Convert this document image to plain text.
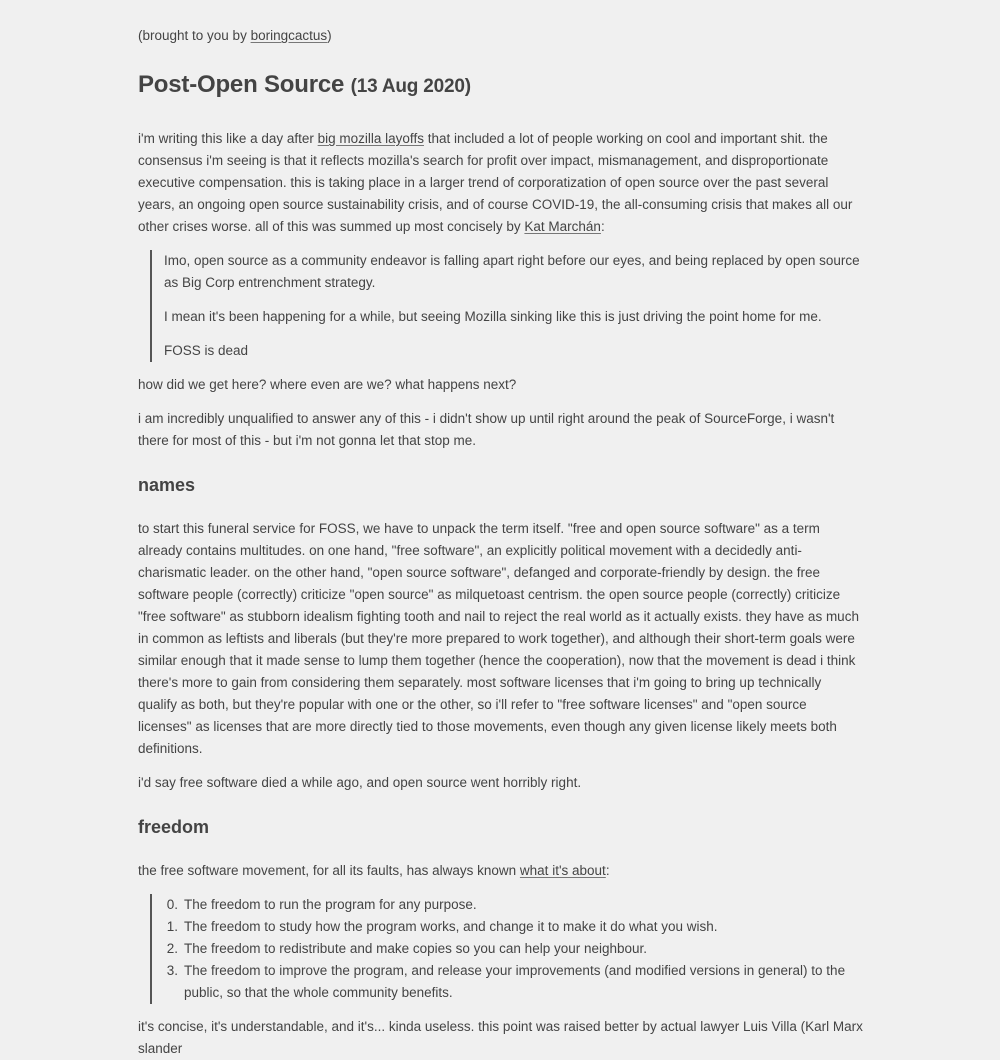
(brought to you by boringcactus)

Post-Open Source (13 Aug 2020)

i'm writing this like a day after big mozilla layoffs that included a lot of people working on cool and important shit. the consensus i'm seeing is that it reflects mozilla's search for profit over impact, mismanagement, and disproportionate executive compensation. this is taking place in a larger trend of corporatization of open source over the past several years, an ongoing open source sustainability crisis, and of course COVID-19, the all-consuming crisis that makes all our other crises worse. all of this was summed up most concisely by Kat Marchán:

Imo, open source as a community endeavor is falling apart right before our eyes, and being replaced by open source as Big Corp entrenchment strategy.

I mean it's been happening for a while, but seeing Mozilla sinking like this is just driving the point home for me.

FOSS is dead

how did we get here? where even are we? what happens next?

i am incredibly unqualified to answer any of this - i didn't show up until right around the peak of SourceForge, i wasn't there for most of this - but i'm not gonna let that stop me.

names

to start this funeral service for FOSS, we have to unpack the term itself. "free and open source software" as a term already contains multitudes. on one hand, "free software", an explicitly political movement with a decidedly anti-charismatic leader. on the other hand, "open source software", defanged and corporate-friendly by design. the free software people (correctly) criticize "open source" as milquetoast centrism. the open source people (correctly) criticize "free software" as stubborn idealism fighting tooth and nail to reject the real world as it actually exists. they have as much in common as leftists and liberals (but they're more prepared to work together), and although their short-term goals were similar enough that it made sense to lump them together (hence the cooperation), now that the movement is dead i think there's more to gain from considering them separately. most software licenses that i'm going to bring up technically qualify as both, but they're popular with one or the other, so i'll refer to "free software licenses" and "open source licenses" as licenses that are more directly tied to those movements, even though any given license likely meets both definitions.

i'd say free software died a while ago, and open source went horribly right.

freedom

the free software movement, for all its faults, has always known what it's about:

0. The freedom to run the program for any purpose.
1. The freedom to study how the program works, and change it to make it do what you wish.
2. The freedom to redistribute and make copies so you can help your neighbour.
3. The freedom to improve the program, and release your improvements (and modified versions in general) to the public, so that the whole community benefits.

it's concise, it's understandable, and it's... kinda useless. this point was raised better by actual lawyer Luis Villa (Karl Marx slander
